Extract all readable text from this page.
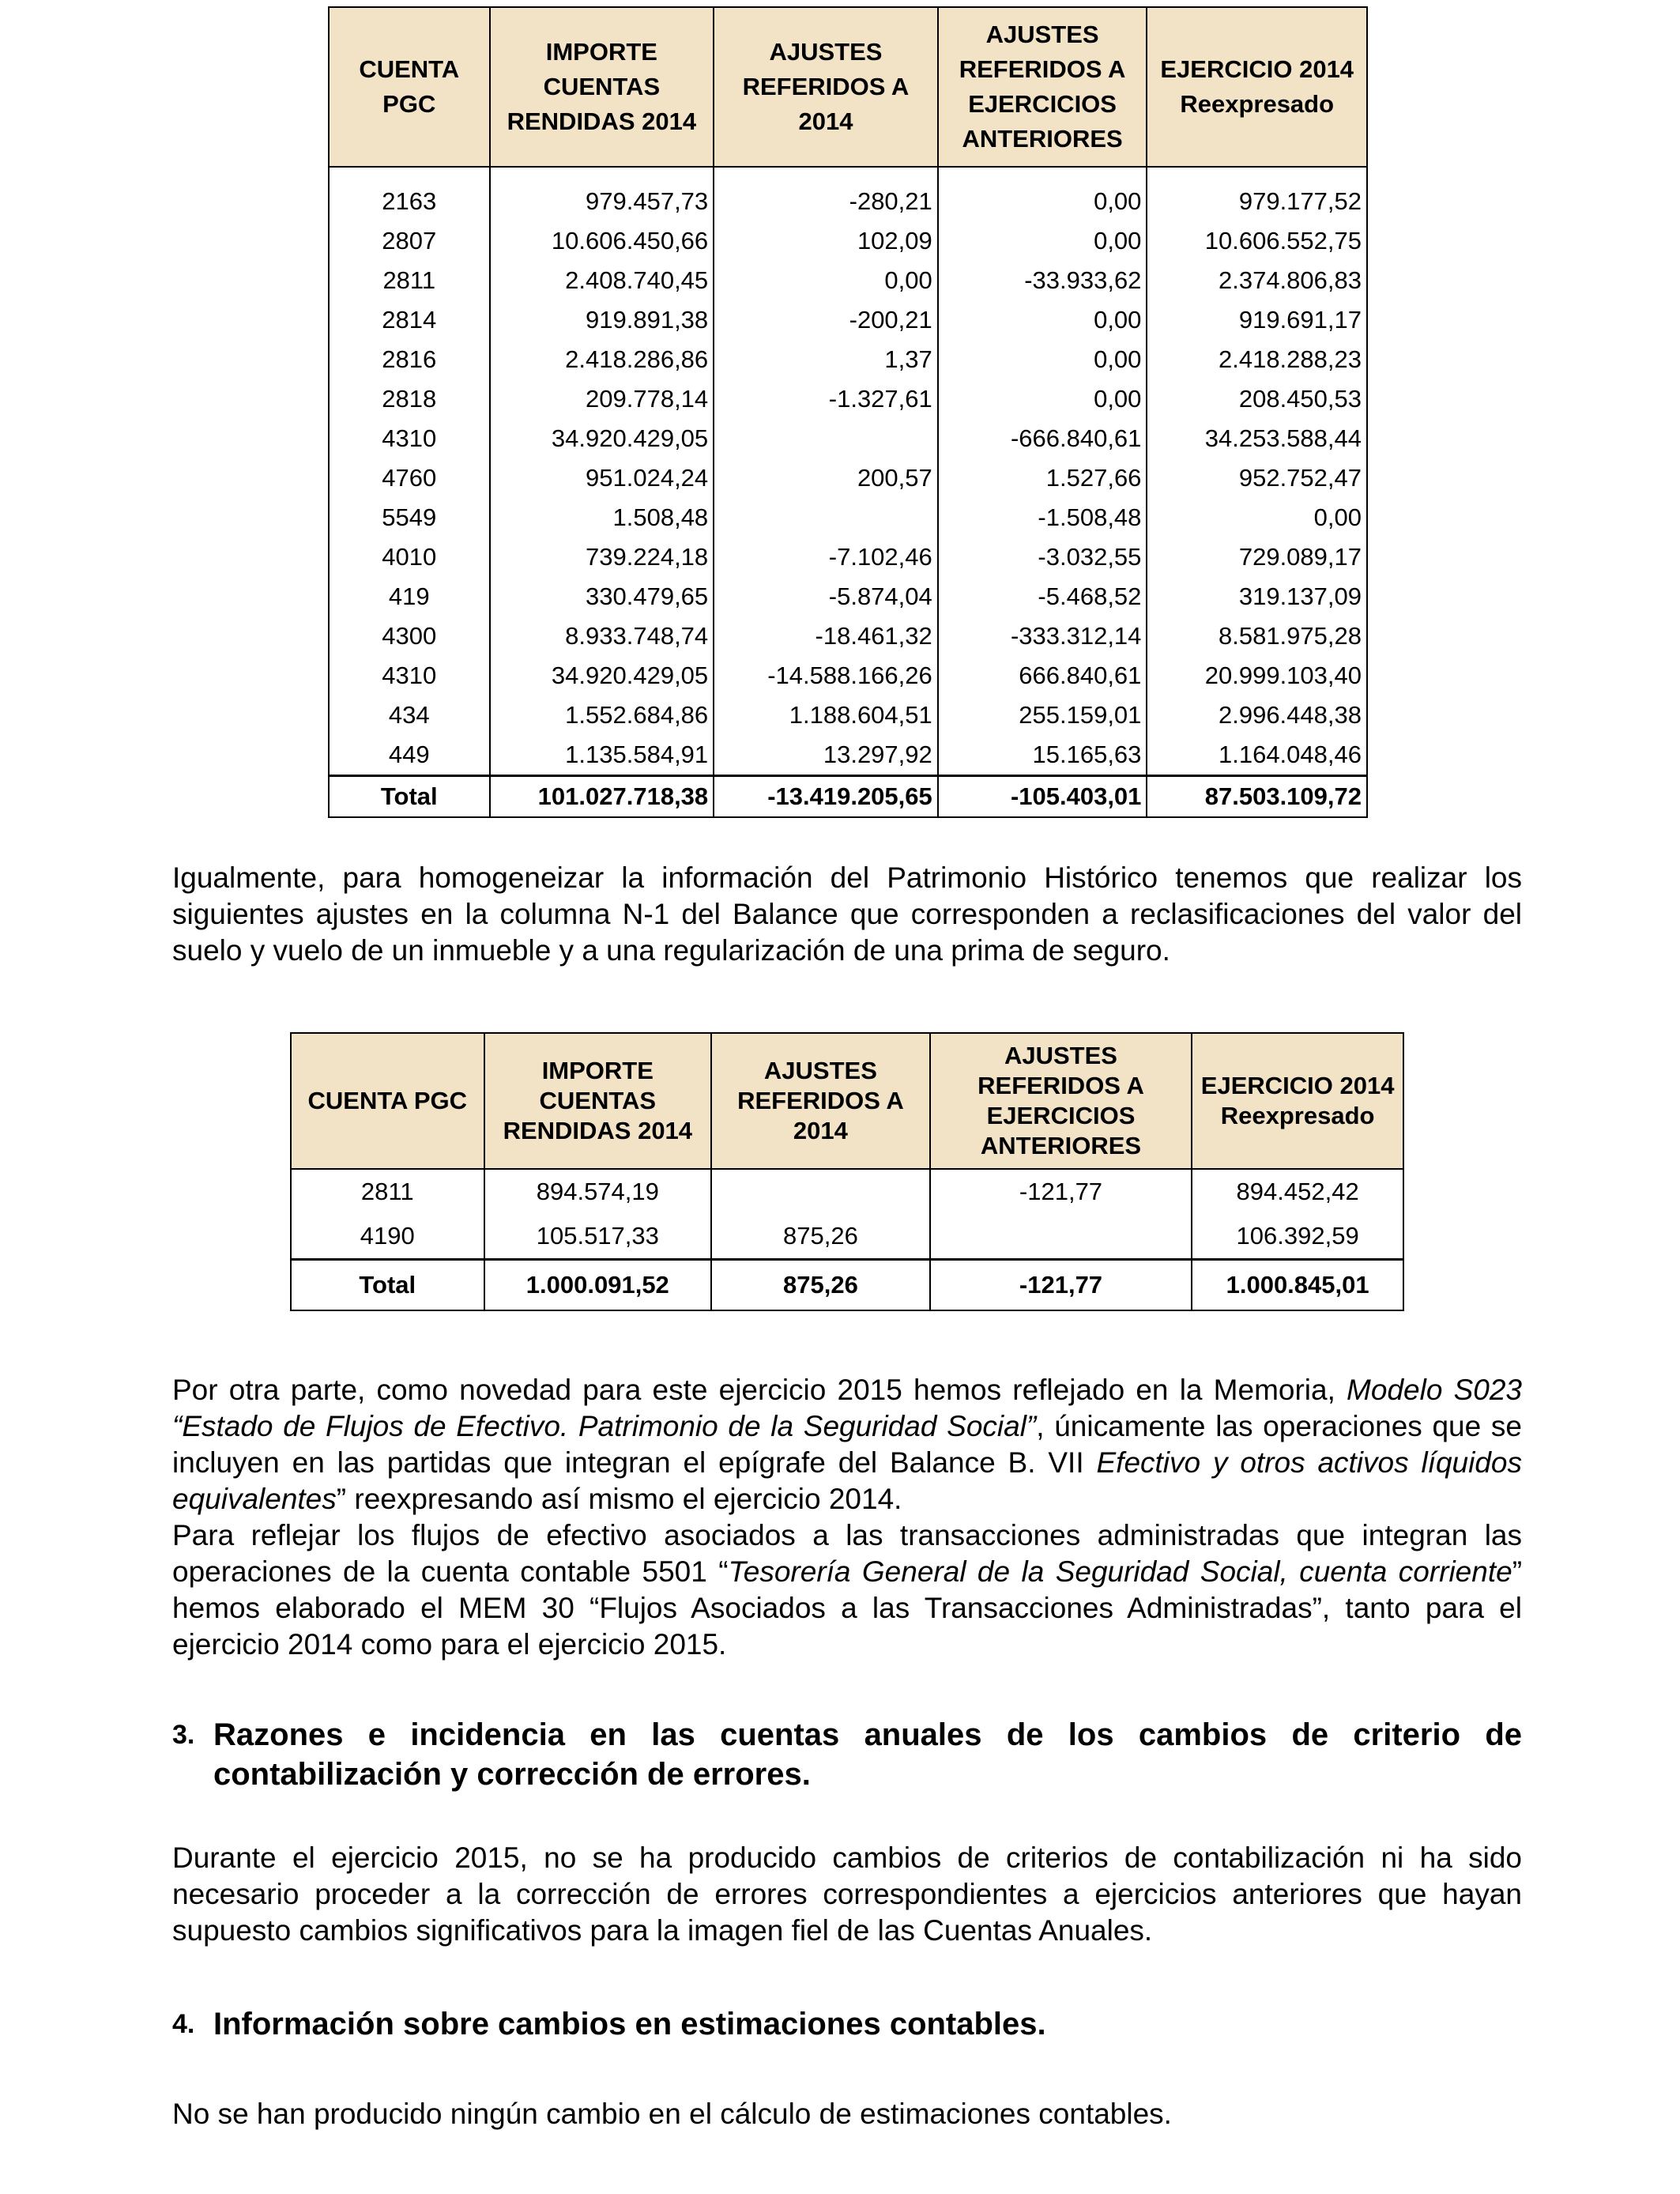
CUENTA PGC	IMPORTE CUENTAS RENDIDAS 2014	AJUSTES REFERIDOS A 2014	AJUSTES REFERIDOS A EJERCICIOS ANTERIORES	EJERCICIO 2014 Reexpresado

2163	979.457,73	-280,21	0,00	979.177,52
2807	10.606.450,66	102,09	0,00	10.606.552,75
2811	2.408.740,45	0,00	-33.933,62	2.374.806,83
2814	919.891,38	-200,21	0,00	919.691,17
2816	2.418.286,86	1,37	0,00	2.418.288,23
2818	209.778,14	-1.327,61	0,00	208.450,53
4310	34.920.429,05		-666.840,61	34.253.588,44
4760	951.024,24	200,57	1.527,66	952.752,47
5549	1.508,48		-1.508,48	0,00
4010	739.224,18	-7.102,46	-3.032,55	729.089,17
419	330.479,65	-5.874,04	-5.468,52	319.137,09
4300	8.933.748,74	-18.461,32	-333.312,14	8.581.975,28
4310	34.920.429,05	-14.588.166,26	666.840,61	20.999.103,40
434	1.552.684,86	1.188.604,51	255.159,01	2.996.448,38
449	1.135.584,91	13.297,92	15.165,63	1.164.048,46
Total	101.027.718,38	-13.419.205,65	-105.403,01	87.503.109,72

Igualmente, para homogeneizar la información del Patrimonio Histórico tenemos que realizar los siguientes ajustes en la columna N-1 del Balance que corresponden a reclasificaciones del valor del suelo y vuelo de un inmueble y a una regularización de una prima de seguro.

CUENTA PGC	IMPORTE CUENTAS RENDIDAS 2014	AJUSTES REFERIDOS A 2014	AJUSTES REFERIDOS A EJERCICIOS ANTERIORES	EJERCICIO 2014 Reexpresado
2811	894.574,19		-121,77	894.452,42
4190	105.517,33	875,26		106.392,59
Total	1.000.091,52	875,26	-121,77	1.000.845,01

Por otra parte, como novedad para este ejercicio 2015 hemos reflejado en la Memoria, Modelo S023 “Estado de Flujos de Efectivo. Patrimonio de la Seguridad Social”, únicamente las operaciones que se incluyen en las partidas que integran el epígrafe del Balance B. VII Efectivo y otros activos líquidos equivalentes” reexpresando así mismo el ejercicio 2014.

Para reflejar los flujos de efectivo asociados a las transacciones administradas que integran las operaciones de la cuenta contable 5501 “Tesorería General de la Seguridad Social, cuenta corriente” hemos elaborado el MEM 30 “Flujos Asociados a las Transacciones Administradas”, tanto para el ejercicio 2014 como para el ejercicio 2015.

3. Razones e incidencia en las cuentas anuales de los cambios de criterio de contabilización y corrección de errores.

Durante el ejercicio 2015, no se ha producido cambios de criterios de contabilización ni ha sido necesario proceder a la corrección de errores correspondientes a ejercicios anteriores que hayan supuesto cambios significativos para la imagen fiel de las Cuentas Anuales.

4. Información sobre cambios en estimaciones contables.

No se han producido ningún cambio en el cálculo de estimaciones contables.
